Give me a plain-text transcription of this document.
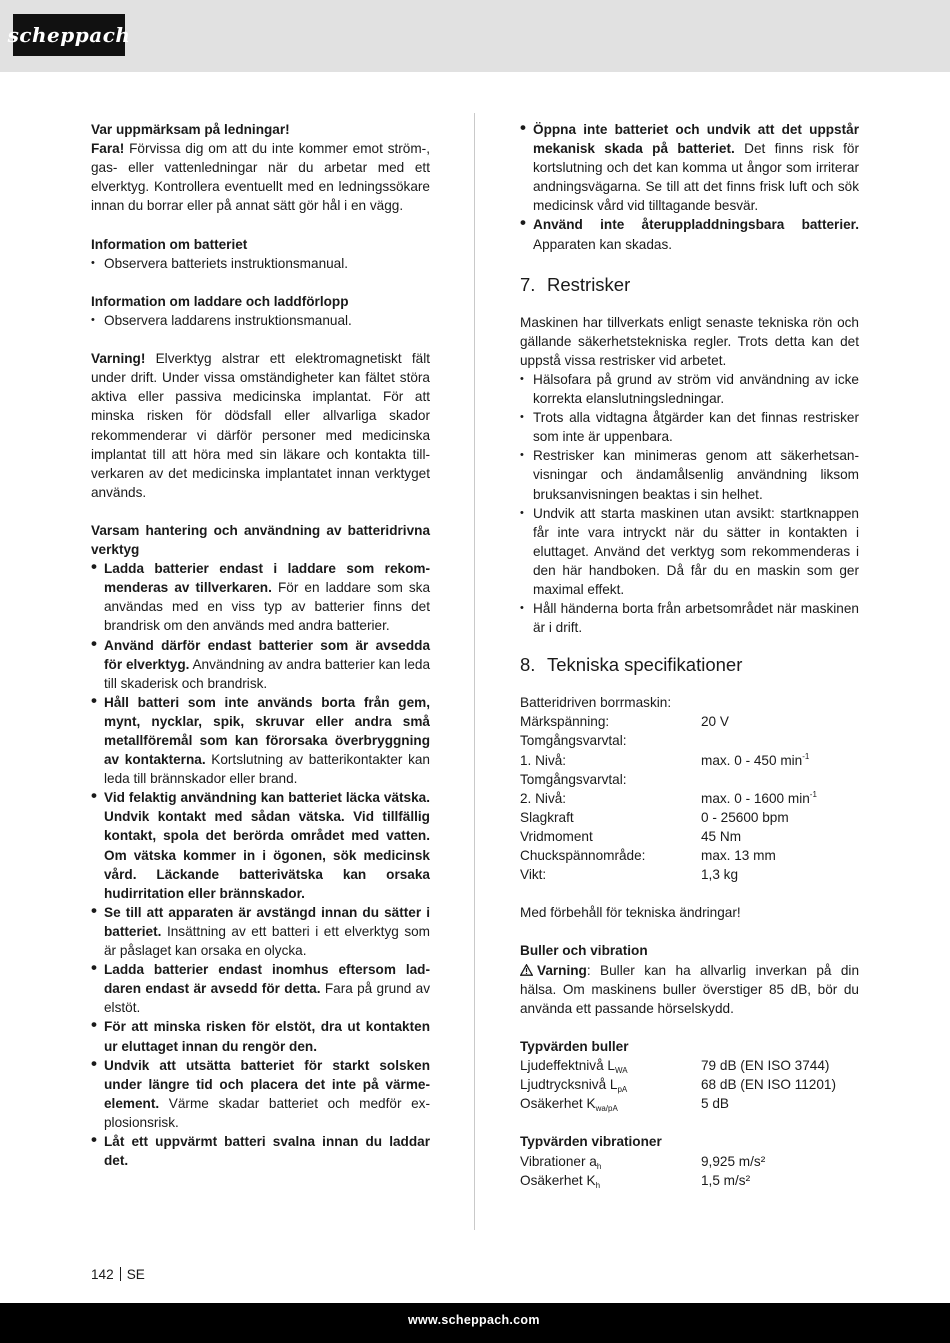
scheppach

Var uppmärksam på ledningar!

Fara! Förvissa dig om att du inte kommer emot ström-, gas- eller vattenledningar när du arbetar med ett elverktyg. Kontrollera eventuellt med en ledningssökare innan du borrar eller på annat sätt gör hål i en vägg.

Information om batteriet

• Observera batteriets instruktionsmanual.

Information om laddare och laddförlopp

• Observera laddarens instruktionsmanual.

Varning! Elverktyg alstrar ett elektromagnetiskt fält under drift. Under vissa omständigheter kan fältet störa aktiva eller passiva medicinska implantat. För att minska risken för dödsfall eller allvarliga skador rekommenderar vi därför personer med medicinska implantat till att höra med sin läkare och kontakta tillverkaren av det medicinska implantatet innan verktyget används.

Varsam hantering och användning av batteridrivna verktyg

• Ladda batterier endast i laddare som rekommenderas av tillverkaren. För en laddare som ska användas med en viss typ av batterier finns det brandrisk om den används med andra batterier.
• Använd därför endast batterier som är avsedda för elverktyg. Användning av andra batterier kan leda till skaderisk och brandrisk.
• Håll batteri som inte används borta från gem, mynt, nycklar, spik, skruvar eller andra små metallföremål som kan förorsaka överbryggning av kontakterna. Kortslutning av batterikontakter kan leda till brännskador eller brand.
• Vid felaktig användning kan batteriet läcka vätska. Undvik kontakt med sådan vätska. Vid tillfällig kontakt, spola det berörda området med vatten. Om vätska kommer in i ögonen, sök medicinsk vård. Läckande batterivätska kan orsaka hudirritation eller brännskador.
• Se till att apparaten är avstängd innan du sätter i batteriet. Insättning av ett batteri i ett elverktyg som är påslaget kan orsaka en olycka.
• Ladda batterier endast inomhus eftersom laddaren endast är avsedd för detta. Fara på grund av elstöt.
• För att minska risken för elstöt, dra ut kontakten ur eluttaget innan du rengör den.
• Undvik att utsätta batteriet för starkt solsken under längre tid och placera det inte på värmeelement. Värme skadar batteriet och medför explosionsrisk.
• Låt ett uppvärmt batteri svalna innan du laddar det.
• Öppna inte batteriet och undvik att det uppstår mekanisk skada på batteriet. Det finns risk för kortslutning och det kan komma ut ångor som irriterar andningsvägarna. Se till att det finns frisk luft och sök medicinsk vård vid tilltagande besvär.
• Använd inte återuppladdningsbara batterier. Apparaten kan skadas.
7. Restrisker

Maskinen har tillverkats enligt senaste tekniska rön och gällande säkerhetstekniska regler. Trots detta kan det uppstå vissa restrisker vid arbetet.

• Hälsofara på grund av ström vid användning av icke korrekta elanslutningsledningar.
• Trots alla vidtagna åtgärder kan det finnas restrisker som inte är uppenbara.
• Restrisker kan minimeras genom att säkerhetsanvisningar och ändamålsenlig användning liksom bruksanvisningen beaktas i sin helhet.
• Undvik att starta maskinen utan avsikt: startknappen får inte vara intryckt när du sätter in kontakten i eluttaget. Använd det verktyg som rekommenderas i den här handboken. Då får du en maskin som ger maximal effekt.
• Håll händerna borta från arbetsområdet när maskinen är i drift.
8. Tekniska specifikationer

Batteridriven borrmaskin:

Märkspänning:	20 V
Tomgångsvarvtal:	
1. Nivå:	max. 0 - 450 $\min^{-1}$
Tomgångsvarvtal:	
2. Nivå:	max. 0 - 1600 $\min^{-1}$
Slagkraft	0 - 25600 bpm
Vridmoment	45 Nm
Chuckspännområde:	max. 13 mm
Vikt:	1,3 kg

Med förbehåll för tekniska ändringar!

Buller och vibration

Varning: Buller kan ha allvarlig inverkan på din hälsa. Om maskinens buller överstiger 85 dB, bör du använda ett passande hörselskydd.

Typvärden buller

Ljudeffektnivå $L_{WA}$	79 dB (EN ISO 3744)
Ljudtrycksnivå $L_{pA}$	68 dB (EN ISO 11201)
Osäkerhet $K_{wa/pA}$	5 dB

Typvärden vibrationer

Vibrationer $a_h$	9,925 m/s²
Osäkerhet $K_h$	1,5 m/s²
142 SE
www.scheppach.com
